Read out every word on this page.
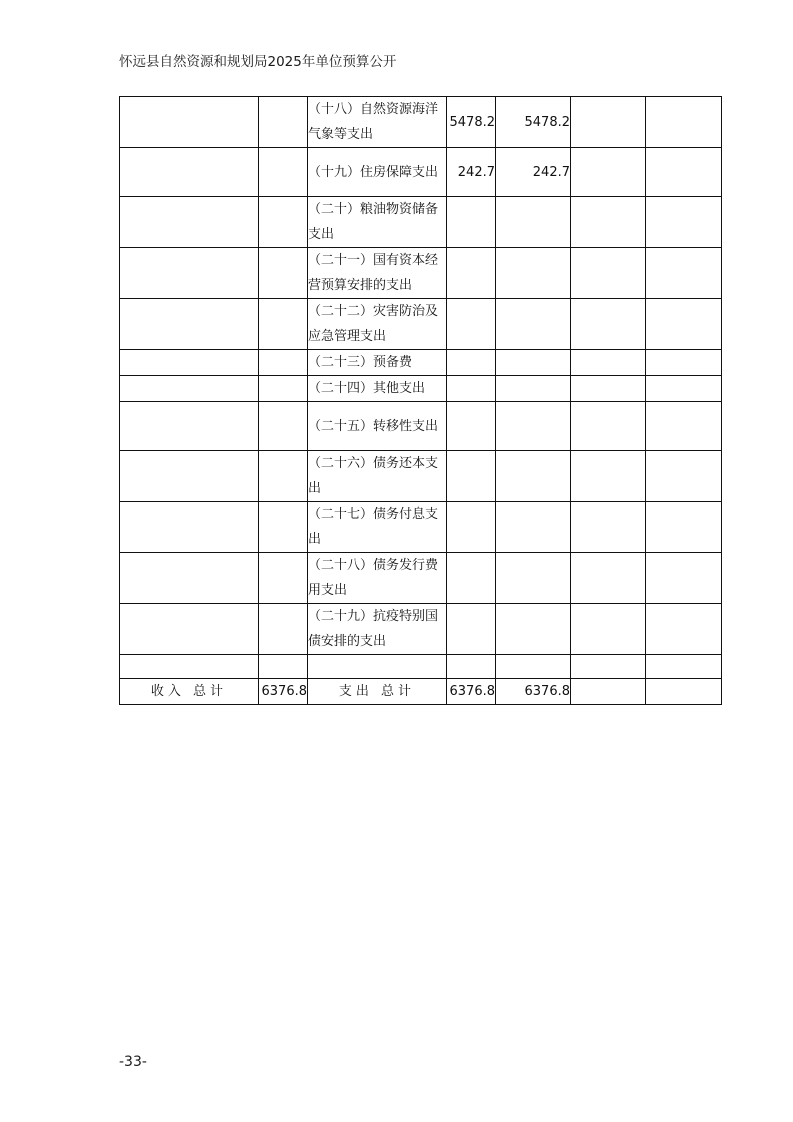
怀远县自然资源和规划局2025年单位预算公开
		（十八）自然资源海洋气象等支出	5478.2	5478.2		
		（十九）住房保障支出	242.7	242.7		
		（二十）粮油物资储备支出				
		（二十一）国有资本经营预算安排的支出				
		（二十二）灾害防治及应急管理支出				
		（二十三）预备费				
		（二十四）其他支出				
		（二十五）转移性支出				
		（二十六）债务还本支出				
		（二十七）债务付息支出				
		（二十八）债务发行费用支出				
		（二十九）抗疫特别国债安排的支出				

收入 总计	6376.8	支出 总计	6376.8	6376.8		
-33-
